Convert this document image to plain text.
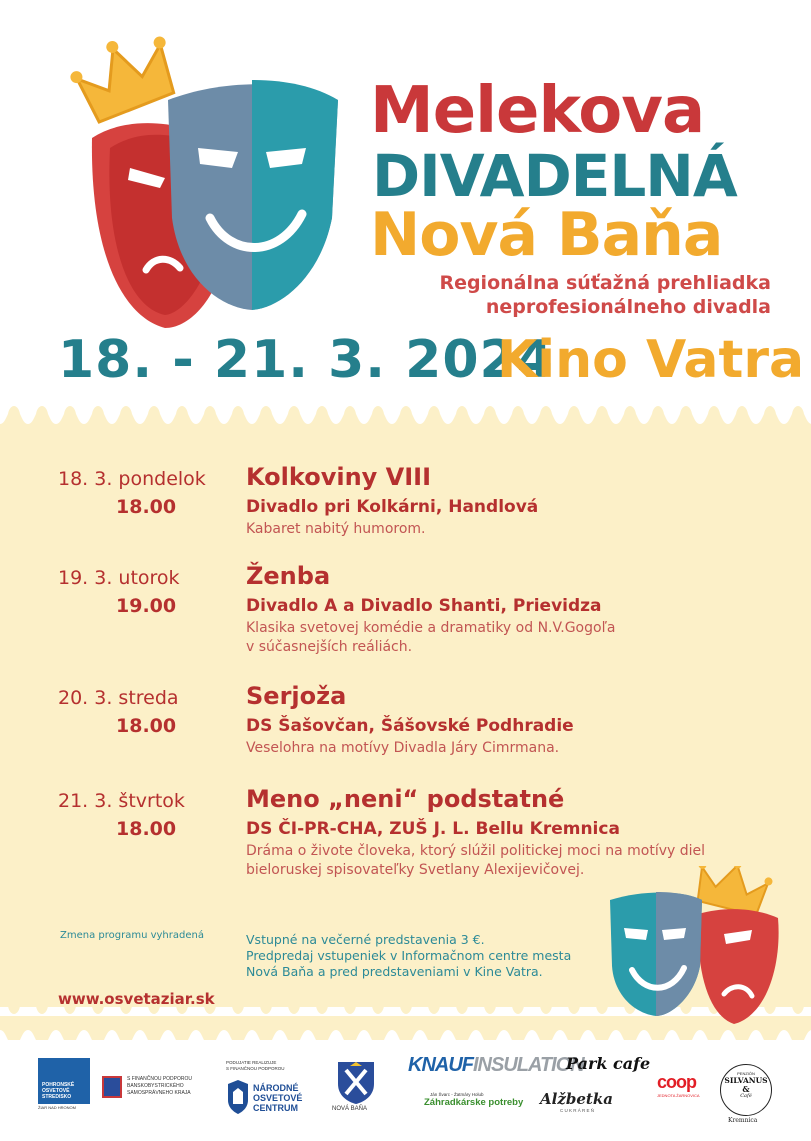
Melekova
DIVADELNÁ
Nová Baňa
Regionálna súťažná prehliadka
neprofesionálneho divadla
18. - 21. 3. 2024
Kino Vatra
18. 3. pondelok
18.00
Kolkoviny VIII
Divadlo pri Kolkárni, Handlová
Kabaret nabitý humorom.
19. 3. utorok
19.00
Ženba
Divadlo A a Divadlo Shanti, Prievidza
Klasika svetovej komédie a dramatiky od N.V.Gogoľa
v súčasnejších reáliách.
20. 3. streda
18.00
Serjoža
DS Šašovčan, Šášovské Podhradie
Veselohra na motívy Divadla Járy Cimrmana.
21. 3. štvrtok
18.00
Meno „neni“ podstatné
DS ČI-PR-CHA, ZUŠ J. L. Bellu Kremnica
Dráma o živote človeka, ktorý slúžil politickej moci na motívy diel
bieloruskej spisovateľky Svetlany Alexijevičovej.
Zmena programu vyhradená	Vstupné na večerné predstavenia 3 €.
Predpredaj vstupeniek v Informačnom centre mesta
Nová Baňa a pred predstaveniami v Kine Vatra.
www.osvetaziar.sk
POHRONSKÉ
OSVETOVÉ
STREDISKO
ŽIAR NAD HRONOM
S FINANČNOU PODPOROU
BANSKOBYSTRICKÉHO
SAMOSPRÁVNEHO KRAJA
PODUJATIE REALIZUJE
S FINANČNOU PODPOROU
NÁRODNÉ
OSVETOVÉ
CENTRUM	NOVÁ BAŇA
KNAUFINSULATION
Park cafe
Ján Švarc - Žatmáry Holub
Záhradkárske potreby Alžbetka
C U K R Á R E Ň
coop
JEDNOTA ŽARNOVICA
PENZIÓN
SILVANUS
&
Café
Kremnica
